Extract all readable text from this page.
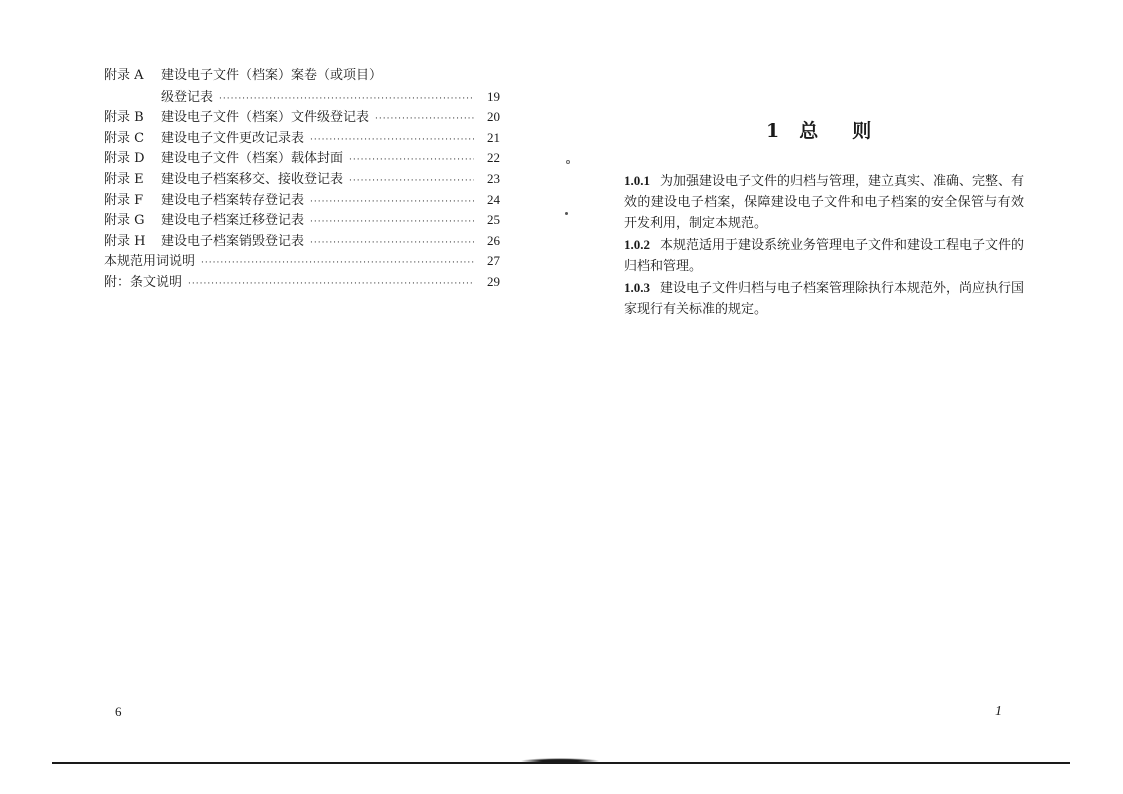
附录 A	建设电子文件（档案）案卷（或项目）
级登记表 ·····	19
附录 B	建设电子文件（档案）文件级登记表 ·····	20
附录 C	建设电子文件更改记录表 ·····	21
附录 D	建设电子文件（档案）载体封面 ·····	22
附录 E	建设电子档案移交、接收登记表 ·····	23
附录 F	建设电子档案转存登记表 ·····	24
附录 G	建设电子档案迁移登记表 ·····	25
附录 H	建设电子档案销毁登记表 ·····	26
本规范用词说明 ·····	27
附：条文说明 ·····	29
1 总 则

1.0.1 为加强建设电子文件的归档与管理，建立真实、准确、完整、有效的建设电子档案，保障建设电子文件和电子档案的安全保管与有效开发利用，制定本规范。

1.0.2 本规范适用于建设系统业务管理电子文件和建设工程电子文件的归档和管理。

1.0.3 建设电子文件归档与电子档案管理除执行本规范外，尚应执行国家现行有关标准的规定。

6	1
